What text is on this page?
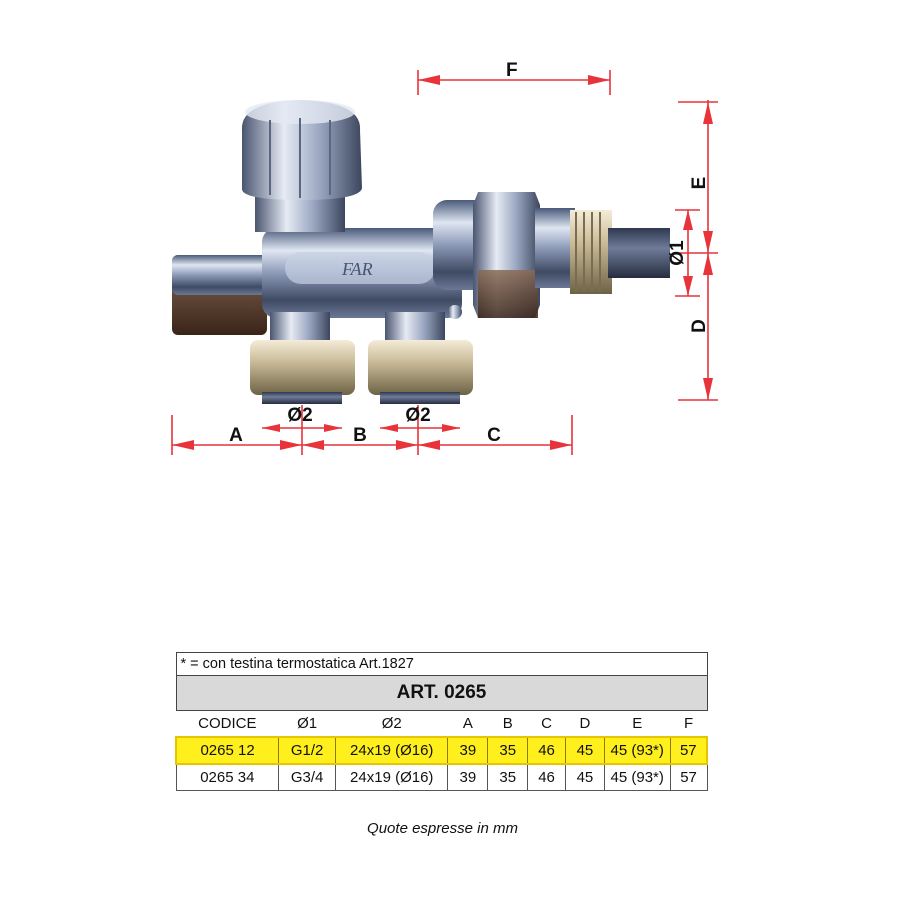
FAR
F
E
D
Ø1
Ø2	Ø2
A	B	C
* = con testina termostatica Art.1827								
ART. 0265								
CODICE	Ø1	Ø2	A	B	C	D	E	F
0265 12	G1/2	24x19 (Ø16)	39	35	46	45	45 (93*)	57
0265 34	G3/4	24x19 (Ø16)	39	35	46	45	45 (93*)	57
Quote espresse in mm
